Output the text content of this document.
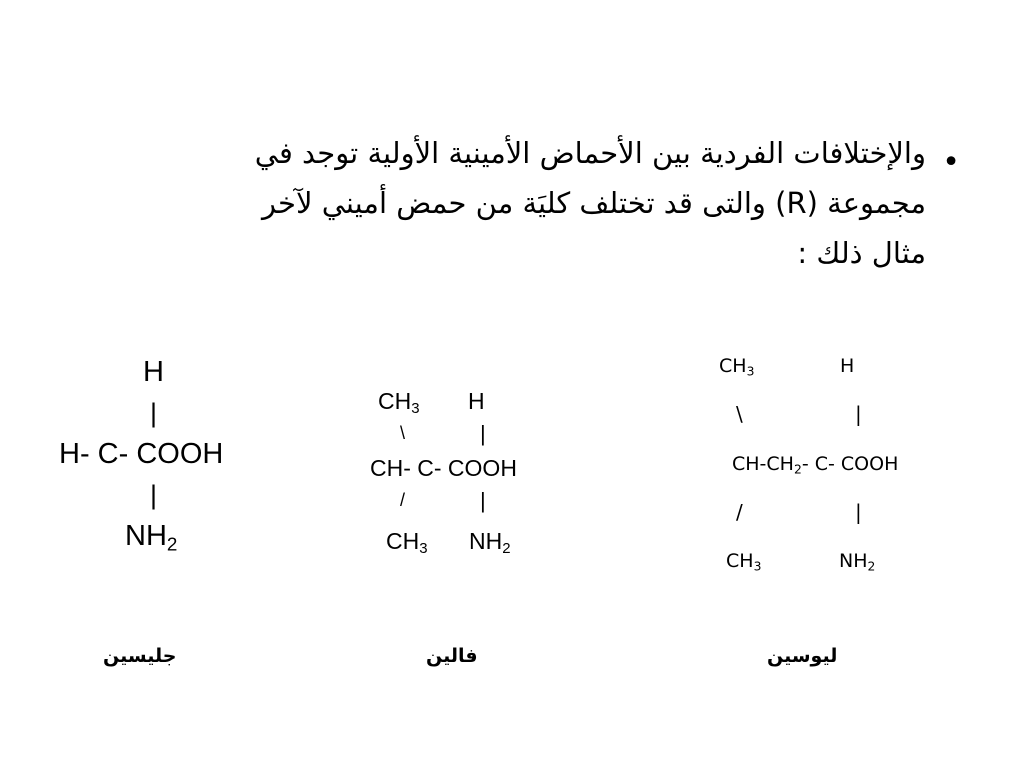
•
والإختلافات الفردية بين الأحماض الأمينية الأولية توجد في
مجموعة (R) والتى قد تختلف كليَة من حمض أميني لآخر
مثال ذلك :
H
|
H- C- COOH
|
$NH_2$
$CH_3$ H
\	|
CH- C- COOH
/	|
$CH_3$ $NH_2$
$CH_3$	H
\	|
$CH-CH_2-$ C- COOH
/	|
$CH_3$	$NH_2$
جليسين	فالين	ليوسين
